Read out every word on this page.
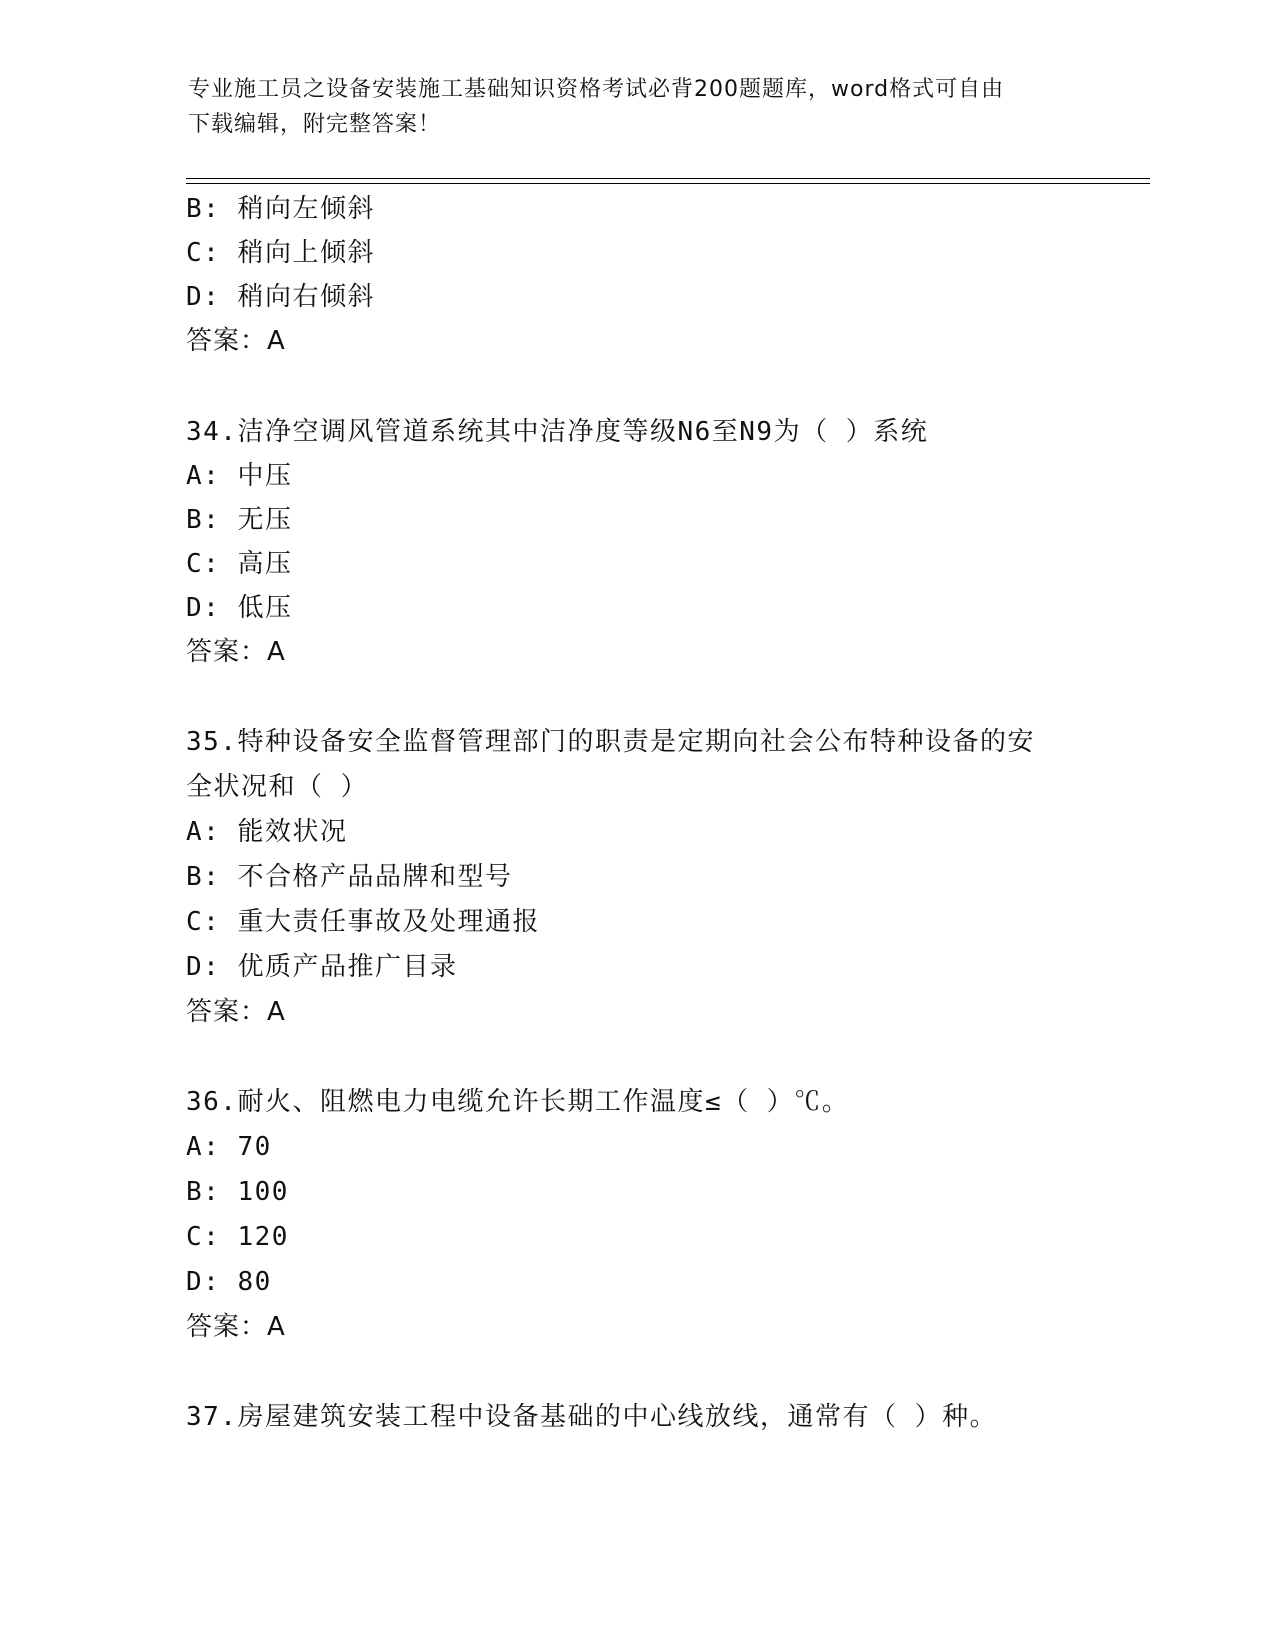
专业施工员之设备安装施工基础知识资格考试必背200题题库，word格式可自由
下载编辑，附完整答案！

B: 稍向左倾斜

C: 稍向上倾斜

D: 稍向右倾斜

答案：A

34.洁净空调风管道系统其中洁净度等级N6至N9为（ ）系统

A: 中压

B: 无压

C: 高压

D: 低压

答案：A

35.特种设备安全监督管理部门的职责是定期向社会公布特种设备的安

全状况和（ ）

A: 能效状况

B: 不合格产品品牌和型号

C: 重大责任事故及处理通报

D: 优质产品推广目录

答案：A

36.耐火、阻燃电力电缆允许长期工作温度≤（ ）℃。

A: 70

B: 100

C: 120

D: 80

答案：A

37.房屋建筑安装工程中设备基础的中心线放线，通常有（ ）种。
